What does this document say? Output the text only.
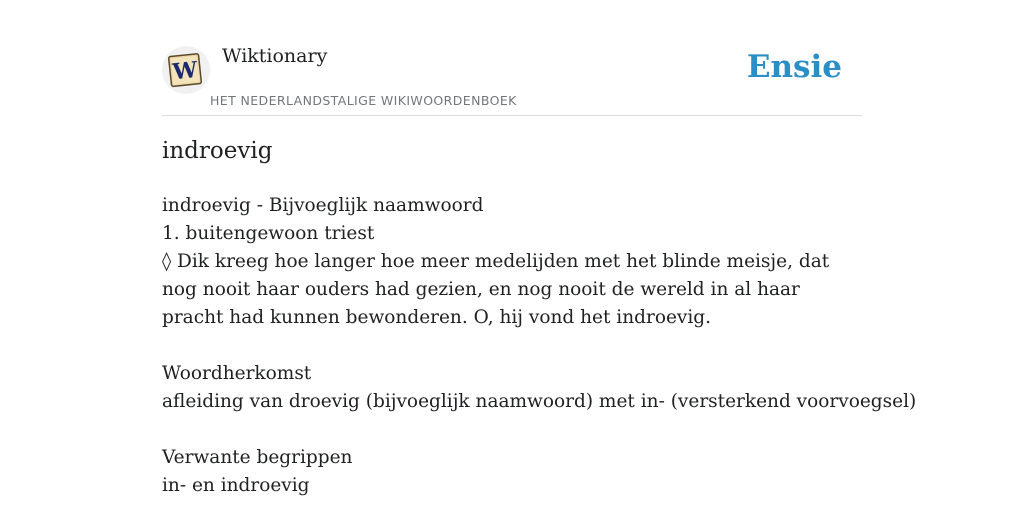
W
Wiktionary
HET NEDERLANDSTALIGE WIKIWOORDENBOEK
Ensie
indroevig
indroevig - Bijvoeglijk naamwoord
1. buitengewoon triest
◊ Dik kreeg hoe langer hoe meer medelijden met het blinde meisje, dat nog nooit haar ouders had gezien, en nog nooit de wereld in al haar pracht had kunnen bewonderen. O, hij vond het indroevig.
Woordherkomst
afleiding van droevig (bijvoeglijk naamwoord) met in- (versterkend voorvoegsel)
Verwante begrippen
in- en indroevig
